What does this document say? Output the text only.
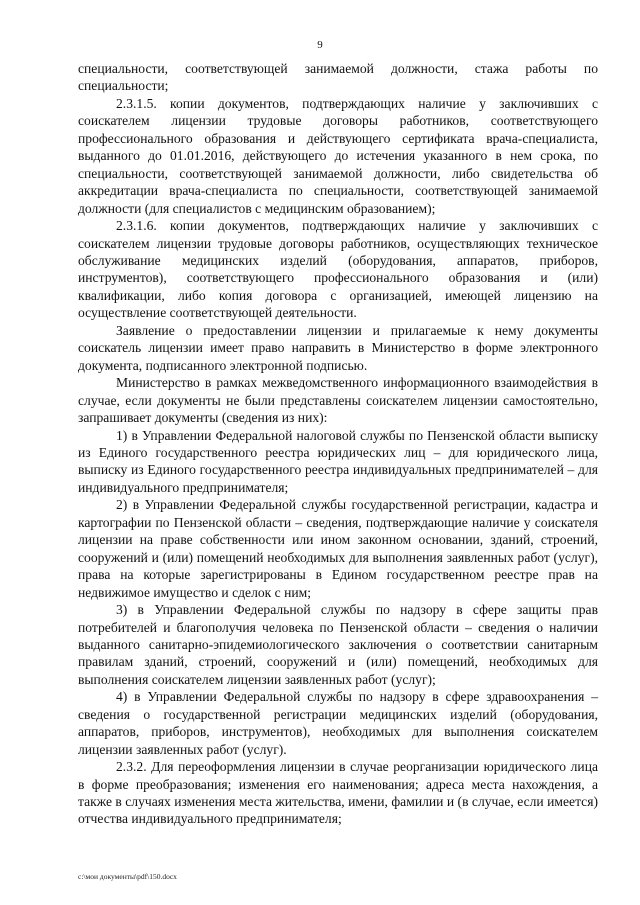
9

специальности, соответствующей занимаемой должности, стажа работы по специальности;

2.3.1.5. копии документов, подтверждающих наличие у заключивших с соискателем лицензии трудовые договоры работников, соответствующего профессионального образования и действующего сертификата врача-специалиста, выданного до 01.01.2016, действующего до истечения указанного в нем срока, по специальности, соответствующей занимаемой должности, либо свидетельства об аккредитации врача-специалиста по специальности, соответствующей занимаемой должности (для специалистов с медицинским образованием);

2.3.1.6. копии документов, подтверждающих наличие у заключивших с соискателем лицензии трудовые договоры работников, осуществляющих техническое обслуживание медицинских изделий (оборудования, аппаратов, приборов, инструментов), соответствующего профессионального образования и (или) квалификации, либо копия договора с организацией, имеющей лицензию на осуществление соответствующей деятельности.

Заявление о предоставлении лицензии и прилагаемые к нему документы соискатель лицензии имеет право направить в Министерство в форме электронного документа, подписанного электронной подписью.

Министерство в рамках межведомственного информационного взаимодействия в случае, если документы не были представлены соискателем лицензии самостоятельно, запрашивает документы (сведения из них):

1) в Управлении Федеральной налоговой службы по Пензенской области выписку из Единого государственного реестра юридических лиц – для юридического лица, выписку из Единого государственного реестра индивидуальных предпринимателей – для индивидуального предпринимателя;

2) в Управлении Федеральной службы государственной регистрации, кадастра и картографии по Пензенской области – сведения, подтверждающие наличие у соискателя лицензии на праве собственности или ином законном основании, зданий, строений, сооружений и (или) помещений необходимых для выполнения заявленных работ (услуг), права на которые зарегистрированы в Едином государственном реестре прав на недвижимое имущество и сделок с ним;

3) в Управлении Федеральной службы по надзору в сфере защиты прав потребителей и благополучия человека по Пензенской области – сведения о наличии выданного санитарно-эпидемиологического заключения о соответствии санитарным правилам зданий, строений, сооружений и (или) помещений, необходимых для выполнения соискателем лицензии заявленных работ (услуг);

4) в Управлении Федеральной службы по надзору в сфере здравоохранения – сведения о государственной регистрации медицинских изделий (оборудования, аппаратов, приборов, инструментов), необходимых для выполнения соискателем лицензии заявленных работ (услуг).

2.3.2. Для переоформления лицензии в случае реорганизации юридического лица в форме преобразования; изменения его наименования; адреса места нахождения, а также в случаях изменения места жительства, имени, фамилии и (в случае, если имеется) отчества индивидуального предпринимателя;

c:\мои документы\pdf\150.docx
